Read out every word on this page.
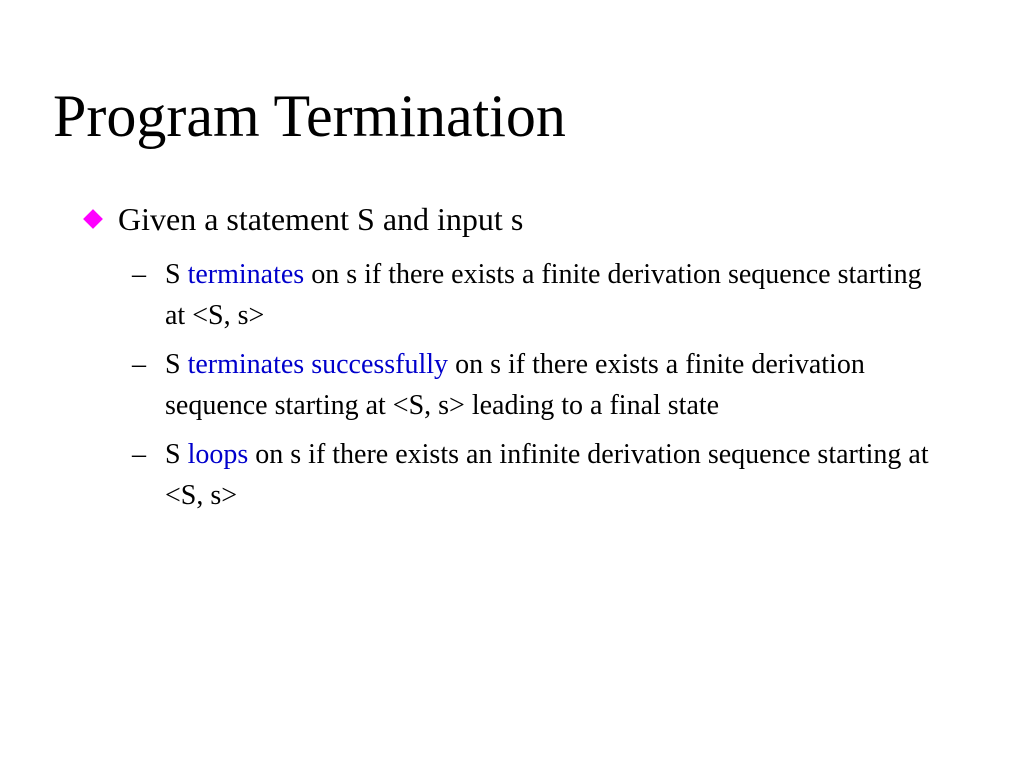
Program Termination
Given a statement S and input s
– S terminates on s if there exists a finite derivation sequence starting at <S, s>
– S terminates successfully on s if there exists a finite derivation sequence starting at <S, s> leading to a final state
– S loops on s if there exists an infinite derivation sequence starting at <S, s>
